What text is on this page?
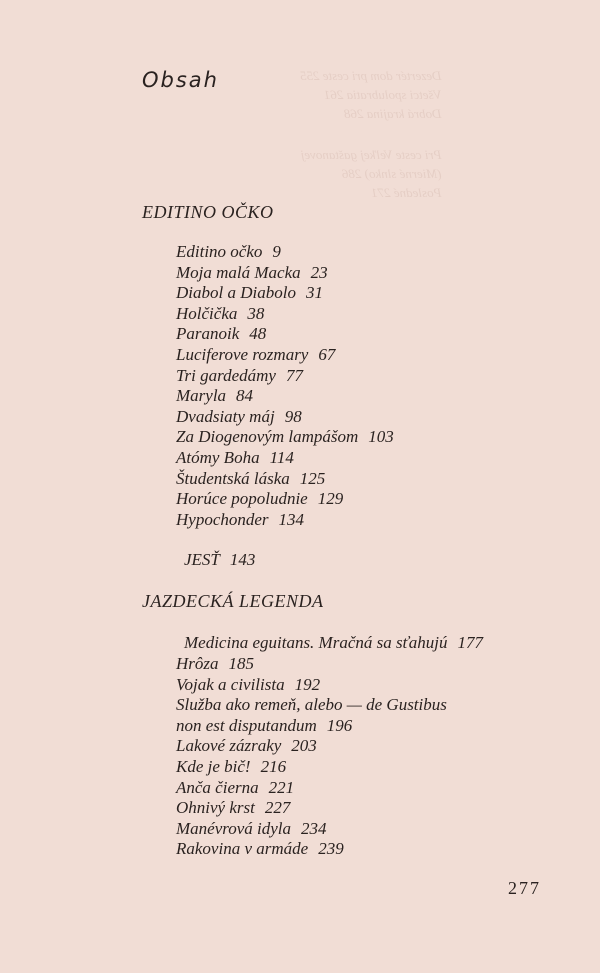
Dezertér dom pri ceste 255
Všetci spolubratia 261
Dobrá krajina 268
Pri ceste Veľkej gaštanovej
(Mierné slnko) 286
Posledné 271
Obsah
EDITINO OČKO
Editino očko 9
Moja malá Macka 23
Diabol a Diabolo 31
Holčička 38
Paranoik 48
Luciferove rozmary 67
Tri gardedámy 77
Maryla 84
Dvadsiaty máj 98
Za Diogenovým lampášom 103
Atómy Boha 114
Študentská láska 125
Horúce popoludnie 129
Hypochonder 134
JESŤ 143
JAZDECKÁ LEGENDA
Medicina eguitans. Mračná sa sťahujú 177
Hrôza 185
Vojak a civilista 192
Služba ako remeň, alebo — de Gustibus
non est disputandum 196
Lakové zázraky 203
Kde je bič! 216
Anča čierna 221
Ohnivý krst 227
Manévrová idyla 234
Rakovina v armáde 239
277
